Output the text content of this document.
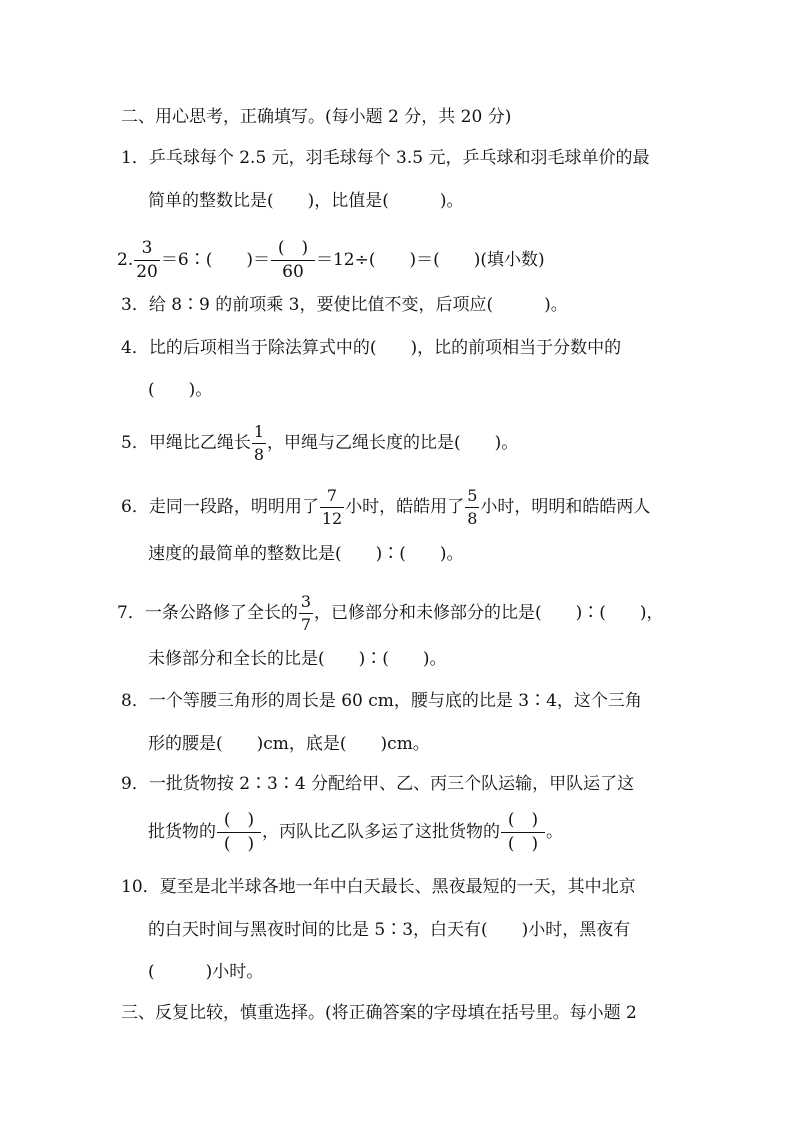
二、用心思考，正确填写。(每小题 2 分，共 20 分)
1．乒乓球每个 2.5 元，羽毛球每个 3.5 元，乒乓球和羽毛球单价的最
简单的整数比是(　　)，比值是(　　　)。
2. $\frac{3}{20}$ ＝6∶(　　)＝ $\frac{( )}{60} =12\div$(　　)＝(　　)(填小数)
3．给 8∶9 的前项乘 3，要使比值不变，后项应(　　　)。
4．比的后项相当于除法算式中的(　　)，比的前项相当于分数中的
(　　)。
5．甲绳比乙绳长 $\frac{1}{8}$ ，甲绳与乙绳长度的比是(　　)。
6．走同一段路，明明用了 $\frac{7}{12}$ 小时，皓皓用了 $\frac{5}{8}$ 小时，明明和皓皓两人
速度的最简单的整数比是(　　)∶(　　)。
7．一条公路修了全长的 $\frac{3}{7}$ ，已修部分和未修部分的比是(　　)∶(　　)，
未修部分和全长的比是(　　)∶(　　)。
8．一个等腰三角形的周长是 60 cm，腰与底的比是 3∶4，这个三角
形的腰是(　　)cm，底是(　　)cm。
9．一批货物按 2∶3∶4 分配给甲、乙、丙三个队运输，甲队运了这
批货物的 $\frac{( )}{( )}$ ，丙队比乙队多运了这批货物的 $\frac{( )}{( )}$ 。
10．夏至是北半球各地一年中白天最长、黑夜最短的一天，其中北京
的白天时间与黑夜时间的比是 5∶3，白天有(　　)小时，黑夜有
(　　　)小时。
三、反复比较，慎重选择。(将正确答案的字母填在括号里。每小题 2
